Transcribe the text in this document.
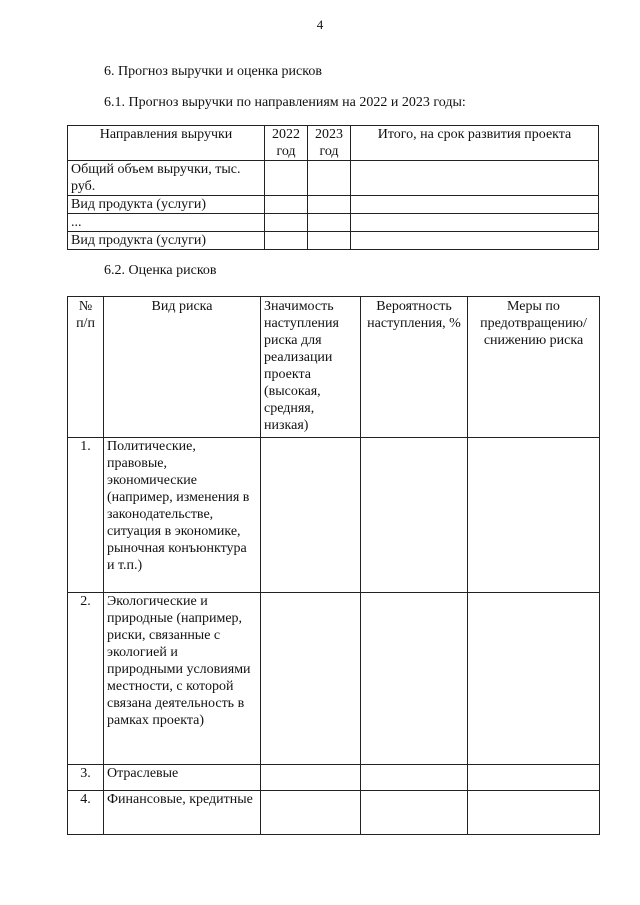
4
6. Прогноз выручки и оценка рисков
6.1. Прогноз выручки по направлениям на 2022 и 2023 годы:
Направления выручки	2022 год	2023 год	Итого, на срок развития проекта
Общий объем выручки, тыс. руб.			
Вид продукта (услуги)			
...			
Вид продукта (услуги)			
6.2. Оценка рисков
№ п/п	Вид риска	Значимость наступления риска для реализации проекта (высокая, средняя, низкая)	Вероятность наступления, %	Меры по предотвращению/ снижению риска
1.	Политические, правовые, экономические (например, изменения в законодательстве, ситуация в экономике, рыночная конъюнктура и т.п.)			
2.	Экологические и природные (например, риски, связанные с экологией и природными условиями местности, с которой связана деятельность в рамках проекта)			
3.	Отраслевые			
4.	Финансовые, кредитные			
